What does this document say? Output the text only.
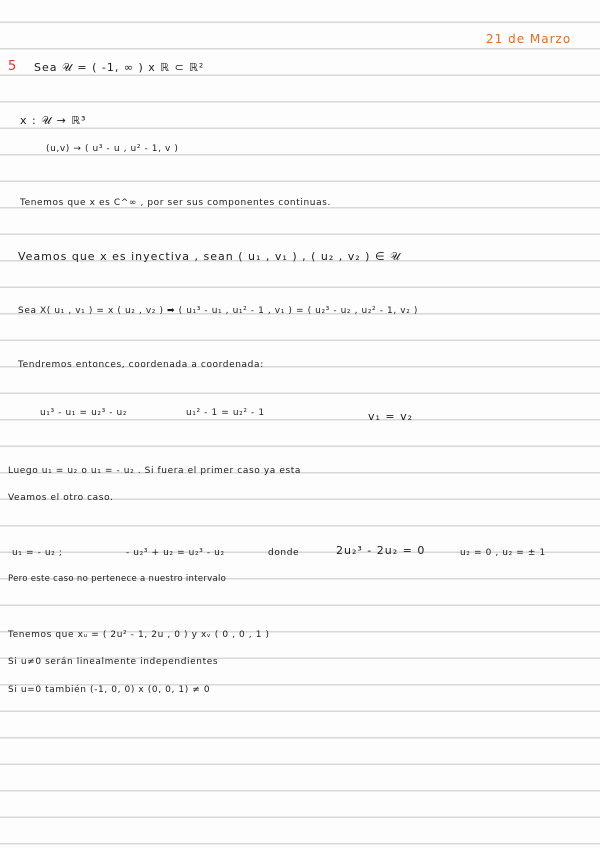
21 de Marzo
5 Sea 𝒰 = ( -1, ∞ ) x ℝ ⊂ ℝ²
x : 𝒰 → ℝ³
(u,v) → ( u³ - u , u² - 1, v )
Tenemos que x es C^∞ , por ser sus componentes continuas.
Veamos que x es inyectiva , sean ( u₁ , v₁ ) , ( u₂ , v₂ ) ∈ 𝒰
Sea X( u₁ , v₁ ) = x ( u₂ , v₂ ) ➡ ( u₁³ - u₁ , u₁² - 1 , v₁ ) = ( u₂³ - u₂ , u₂² - 1, v₂ )
Tendremos entonces, coordenada a coordenada:
u₁³ - u₁ = u₂³ - u₂	u₁² - 1 = u₂² - 1	v₁ = v₂
Luego u₁ = u₂ o u₁ = - u₂ . Si fuera el primer caso ya esta
Veamos el otro caso.
u₁ = - u₂ ;	- u₂³ + u₂ = u₂³ - u₂	donde	2u₂³ - 2u₂ = 0	u₂ = 0 , u₂ = ± 1
Pero este caso no pertenece a nuestro intervalo
Tenemos que xᵤ = ( 2u² - 1, 2u , 0 ) y xᵥ ( 0 , 0 , 1 )
Si u≠0 serán linealmente independientes
Si u=0 también (-1, 0, 0) x (0, 0, 1) ≠ 0
